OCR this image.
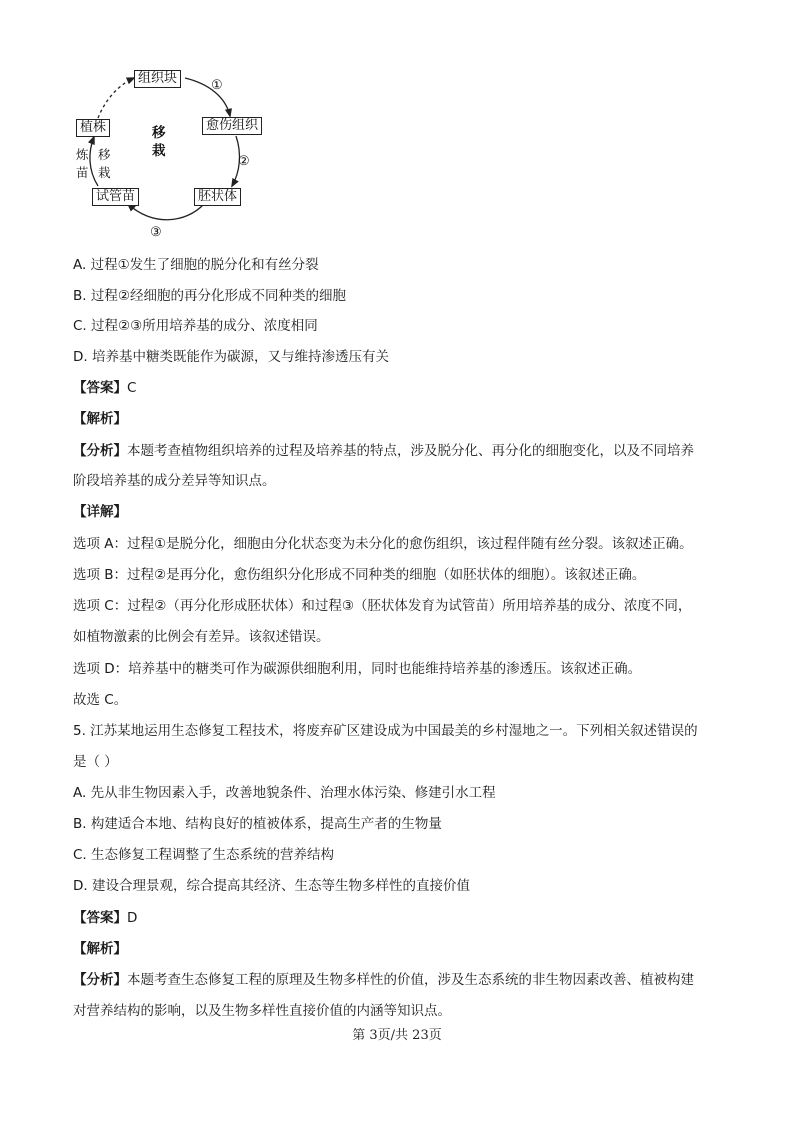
组织块
愈伤组织
胚状体
试管苗
植株
①
②
③
移
栽
炼
苗
移
栽
A. 过程①发生了细胞的脱分化和有丝分裂
B. 过程②经细胞的再分化形成不同种类的细胞
C. 过程②③所用培养基的成分、浓度相同
D. 培养基中糖类既能作为碳源，又与维持渗透压有关
【答案】C
【解析】
【分析】本题考查植物组织培养的过程及培养基的特点，涉及脱分化、再分化的细胞变化，以及不同培养
阶段培养基的成分差异等知识点。
【详解】
选项 A：过程①是脱分化，细胞由分化状态变为未分化的愈伤组织，该过程伴随有丝分裂。该叙述正确。
选项 B：过程②是再分化，愈伤组织分化形成不同种类的细胞（如胚状体的细胞）。该叙述正确。
选项 C：过程②（再分化形成胚状体）和过程③（胚状体发育为试管苗）所用培养基的成分、浓度不同，
如植物激素的比例会有差异。该叙述错误。
选项 D：培养基中的糖类可作为碳源供细胞利用，同时也能维持培养基的渗透压。该叙述正确。
故选 C。
5. 江苏某地运用生态修复工程技术，将废弃矿区建设成为中国最美的乡村湿地之一。下列相关叙述错误的
是（ ）
A. 先从非生物因素入手，改善地貌条件、治理水体污染、修建引水工程
B. 构建适合本地、结构良好的植被体系，提高生产者的生物量
C. 生态修复工程调整了生态系统的营养结构
D. 建设合理景观，综合提高其经济、生态等生物多样性的直接价值
【答案】D
【解析】
【分析】本题考查生态修复工程的原理及生物多样性的价值，涉及生态系统的非生物因素改善、植被构建
对营养结构的影响，以及生物多样性直接价值的内涵等知识点。
第 3页/共 23页
